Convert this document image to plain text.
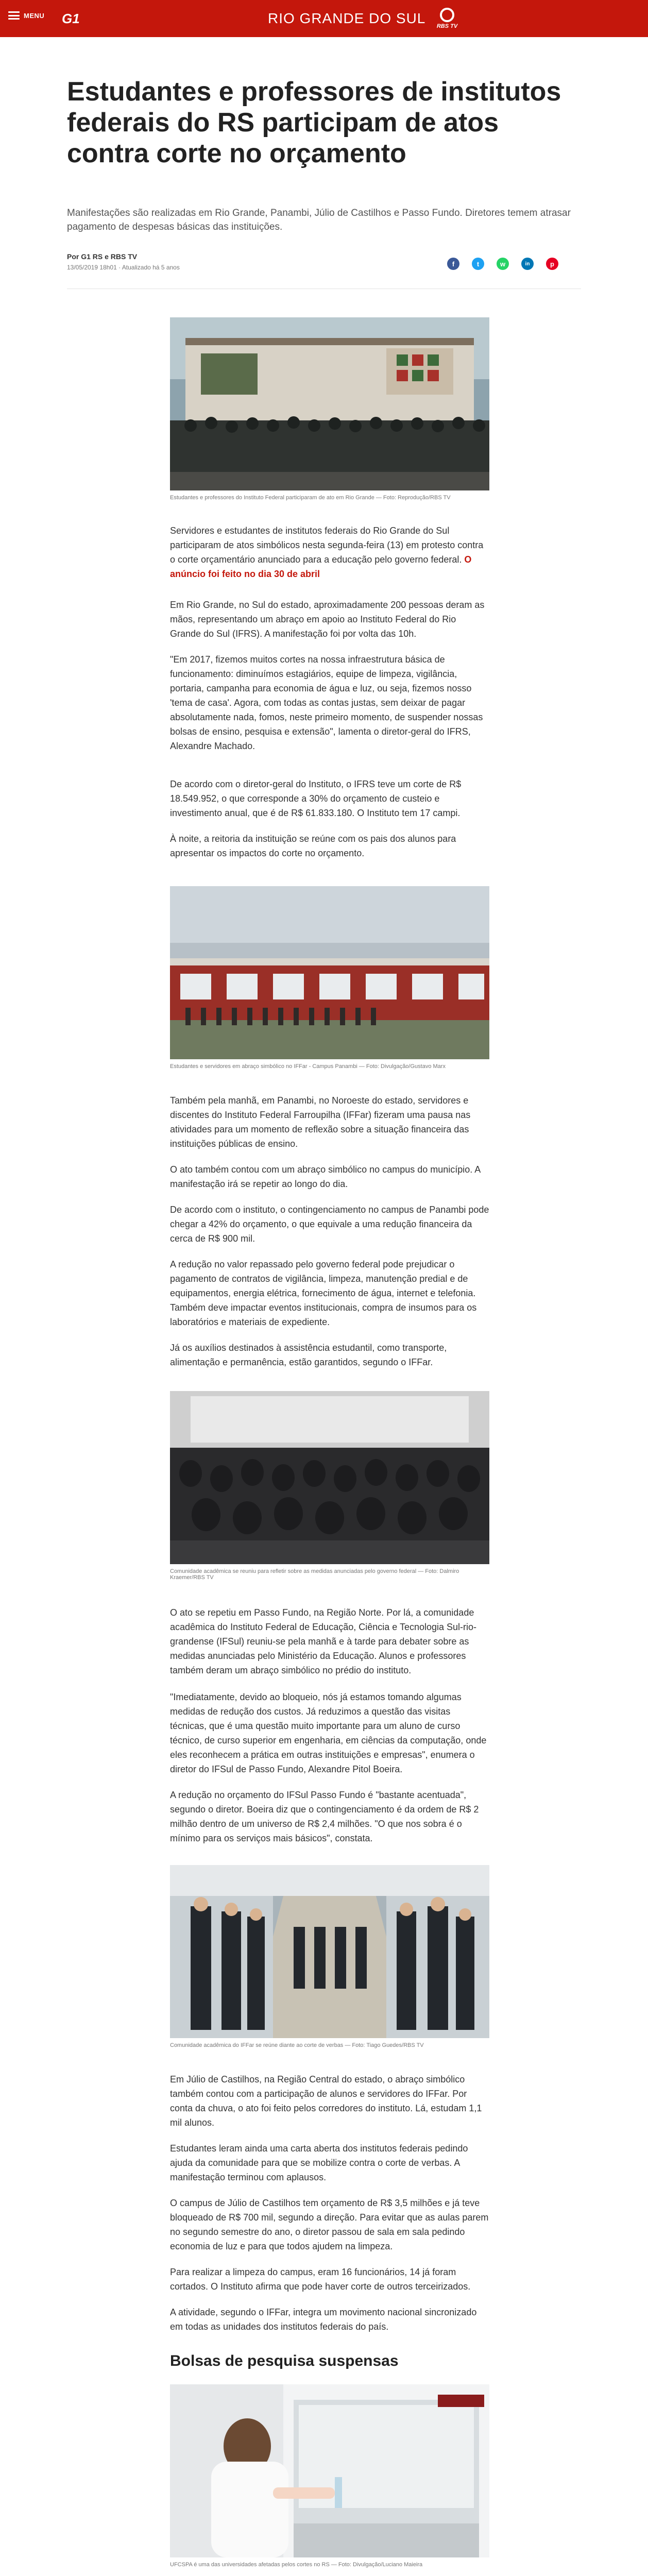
MENU G1	RIO GRANDE DO SUL RBS TV
Estudantes e professores de institutos federais do RS participam de atos contra corte no orçamento

Manifestações são realizadas em Rio Grande, Panambi, Júlio de Castilhos e Passo Fundo. Diretores temem atrasar pagamento de despesas básicas das instituições.

Por G1 RS e RBS TV
13/05/2019 18h01 · Atualizado há 5 anos	f	t	w	in	p
Estudantes e professores do Instituto Federal participaram de ato em Rio Grande — Foto: Reprodução/RBS TV

Servidores e estudantes de institutos federais do Rio Grande do Sul participaram de atos simbólicos nesta segunda-feira (13) em protesto contra o corte orçamentário anunciado para a educação pelo governo federal. O anúncio foi feito no dia 30 de abril

Em Rio Grande, no Sul do estado, aproximadamente 200 pessoas deram as mãos, representando um abraço em apoio ao Instituto Federal do Rio Grande do Sul (IFRS). A manifestação foi por volta das 10h.

"Em 2017, fizemos muitos cortes na nossa infraestrutura básica de funcionamento: diminuímos estagiários, equipe de limpeza, vigilância, portaria, campanha para economia de água e luz, ou seja, fizemos nosso 'tema de casa'. Agora, com todas as contas justas, sem deixar de pagar absolutamente nada, fomos, neste primeiro momento, de suspender nossas bolsas de ensino, pesquisa e extensão", lamenta o diretor-geral do IFRS, Alexandre Machado.

De acordo com o diretor-geral do Instituto, o IFRS teve um corte de R$ 18.549.952, o que corresponde a 30% do orçamento de custeio e investimento anual, que é de R$ 61.833.180. O Instituto tem 17 campi.

À noite, a reitoria da instituição se reúne com os pais dos alunos para apresentar os impactos do corte no orçamento.

Estudantes e servidores em abraço simbólico no IFFar - Campus Panambi — Foto: Divulgação/Gustavo Marx

Também pela manhã, em Panambi, no Noroeste do estado, servidores e discentes do Instituto Federal Farroupilha (IFFar) fizeram uma pausa nas atividades para um momento de reflexão sobre a situação financeira das instituições públicas de ensino.

O ato também contou com um abraço simbólico no campus do município. A manifestação irá se repetir ao longo do dia.

De acordo com o instituto, o contingenciamento no campus de Panambi pode chegar a 42% do orçamento, o que equivale a uma redução financeira da cerca de R$ 900 mil.

A redução no valor repassado pelo governo federal pode prejudicar o pagamento de contratos de vigilância, limpeza, manutenção predial e de equipamentos, energia elétrica, fornecimento de água, internet e telefonia. Também deve impactar eventos institucionais, compra de insumos para os laboratórios e materiais de expediente.

Já os auxílios destinados à assistência estudantil, como transporte, alimentação e permanência, estão garantidos, segundo o IFFar.

Comunidade acadêmica se reuniu para refletir sobre as medidas anunciadas pelo governo federal — Foto: Dalmiro Kraemer/RBS TV

O ato se repetiu em Passo Fundo, na Região Norte. Por lá, a comunidade acadêmica do Instituto Federal de Educação, Ciência e Tecnologia Sul-rio-grandense (IFSul) reuniu-se pela manhã e à tarde para debater sobre as medidas anunciadas pelo Ministério da Educação. Alunos e professores também deram um abraço simbólico no prédio do instituto.

"Imediatamente, devido ao bloqueio, nós já estamos tomando algumas medidas de redução dos custos. Já reduzimos a questão das visitas técnicas, que é uma questão muito importante para um aluno de curso técnico, de curso superior em engenharia, em ciências da computação, onde eles reconhecem a prática em outras instituições e empresas", enumera o diretor do IFSul de Passo Fundo, Alexandre Pitol Boeira.

A redução no orçamento do IFSul Passo Fundo é "bastante acentuada", segundo o diretor. Boeira diz que o contingenciamento é da ordem de R$ 2 milhão dentro de um universo de R$ 2,4 milhões. "O que nos sobra é o mínimo para os serviços mais básicos", constata.

Comunidade acadêmica do IFFar se reúne diante ao corte de verbas — Foto: Tiago Guedes/RBS TV

Em Júlio de Castilhos, na Região Central do estado, o abraço simbólico também contou com a participação de alunos e servidores do IFFar. Por conta da chuva, o ato foi feito pelos corredores do instituto. Lá, estudam 1,1 mil alunos.

Estudantes leram ainda uma carta aberta dos institutos federais pedindo ajuda da comunidade para que se mobilize contra o corte de verbas. A manifestação terminou com aplausos.

O campus de Júlio de Castilhos tem orçamento de R$ 3,5 milhões e já teve bloqueado de R$ 700 mil, segundo a direção. Para evitar que as aulas parem no segundo semestre do ano, o diretor passou de sala em sala pedindo economia de luz e para que todos ajudem na limpeza.

Para realizar a limpeza do campus, eram 16 funcionários, 14 já foram cortados. O Instituto afirma que pode haver corte de outros terceirizados.

A atividade, segundo o IFFar, integra um movimento nacional sincronizado em todas as unidades dos institutos federais do país.

Bolsas de pesquisa suspensas
UFCSPA é uma das universidades afetadas pelos cortes no RS — Foto: Divulgação/Luciano Maieira
